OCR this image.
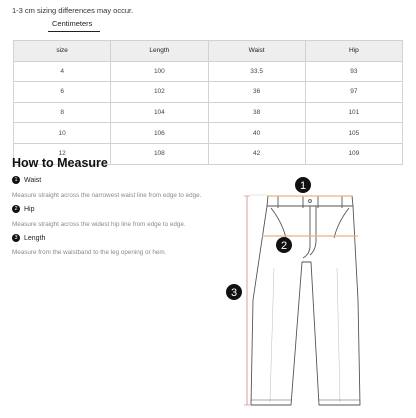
1-3 cm sizing differences may occur.
Centimeters
size	Length	Waist	Hip
4	100	33.5	93
6	102	36	97
8	104	38	101
10	106	40	105
12	108	42	109
How to Measure
1 Waist
Measure straight across the narrowest waist line from edge to edge.
2 Hip
Measure straight across the widest hip line from edge to edge.
3 Length
Measure from the waistband to the leg opening or hem.
1
2
3
